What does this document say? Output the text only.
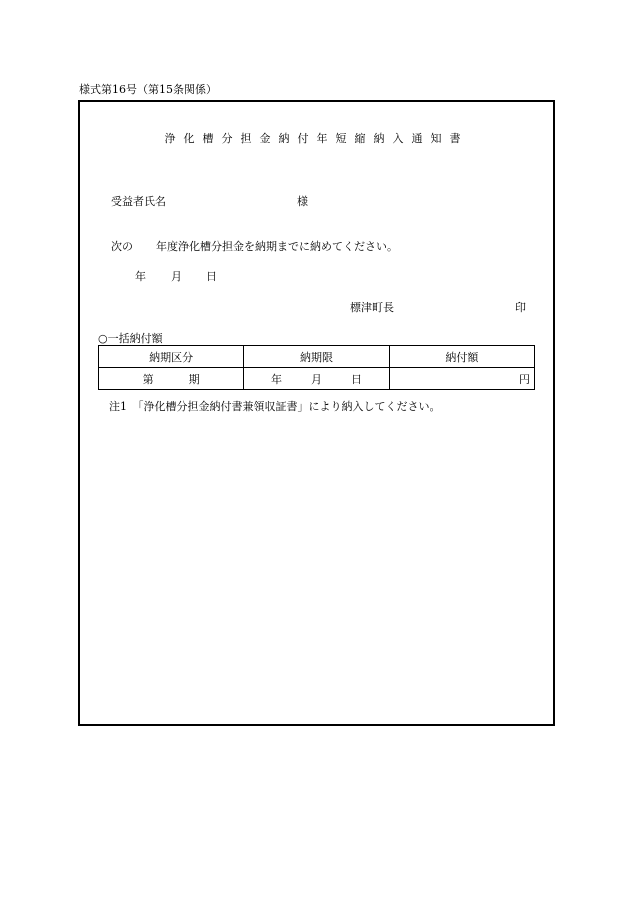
様式第16号（第15条関係）
浄化槽分担金納付年短縮納入通知書
受益者氏名	様
次の 年度浄化槽分担金を納期までに納めてください。
年 月 日
標津町長	印
○一括納付額
納期区分	納期限	納付額
第 期	年 月 日	円
注1　「浄化槽分担金納付書兼領収証書」により納入してください。
